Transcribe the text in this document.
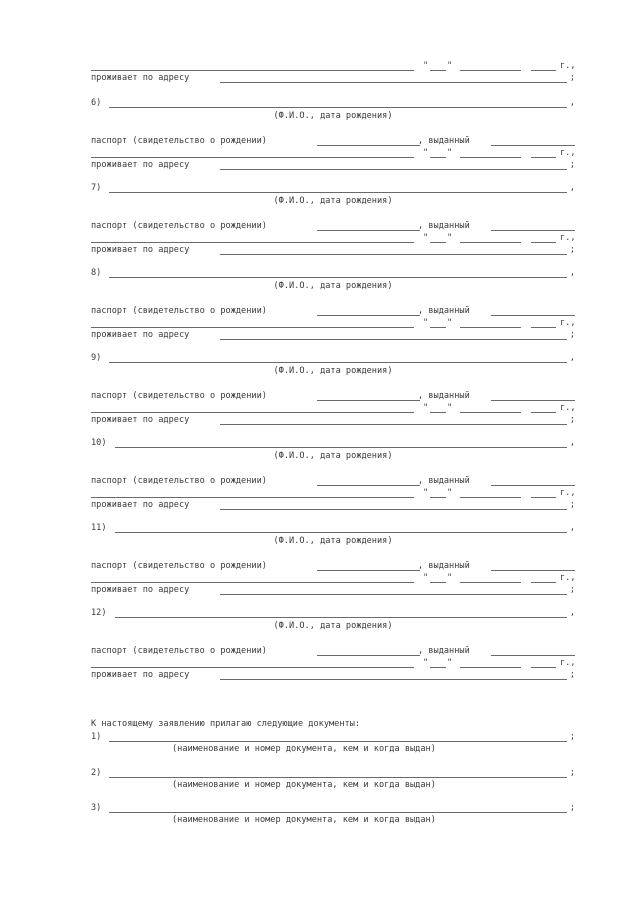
" "	г.,
проживает по адресу	;
6)	,
(Ф.И.О., дата рождения)
паспорт (свидетельство о рождении)	, выданный
" "	г.,
проживает по адресу	;
7)	,
(Ф.И.О., дата рождения)
паспорт (свидетельство о рождении)	, выданный
" "	г.,
проживает по адресу	;
8)	,
(Ф.И.О., дата рождения)
паспорт (свидетельство о рождении)	, выданный
" "	г.,
проживает по адресу	;
9)	,
(Ф.И.О., дата рождения)
паспорт (свидетельство о рождении)	, выданный
" "	г.,
проживает по адресу	;
10)	,
(Ф.И.О., дата рождения)
паспорт (свидетельство о рождении)	, выданный
" "	г.,
проживает по адресу	;
11)	,
(Ф.И.О., дата рождения)
паспорт (свидетельство о рождении)	, выданный
" "	г.,
проживает по адресу	;
12)	,
(Ф.И.О., дата рождения)
паспорт (свидетельство о рождении)	, выданный
" "	г.,
проживает по адресу	;
К настоящему заявлению прилагаю следующие документы:
1)	;
(наименование и номер документа, кем и когда выдан)
2)	;
(наименование и номер документа, кем и когда выдан)
3)	;
(наименование и номер документа, кем и когда выдан)
